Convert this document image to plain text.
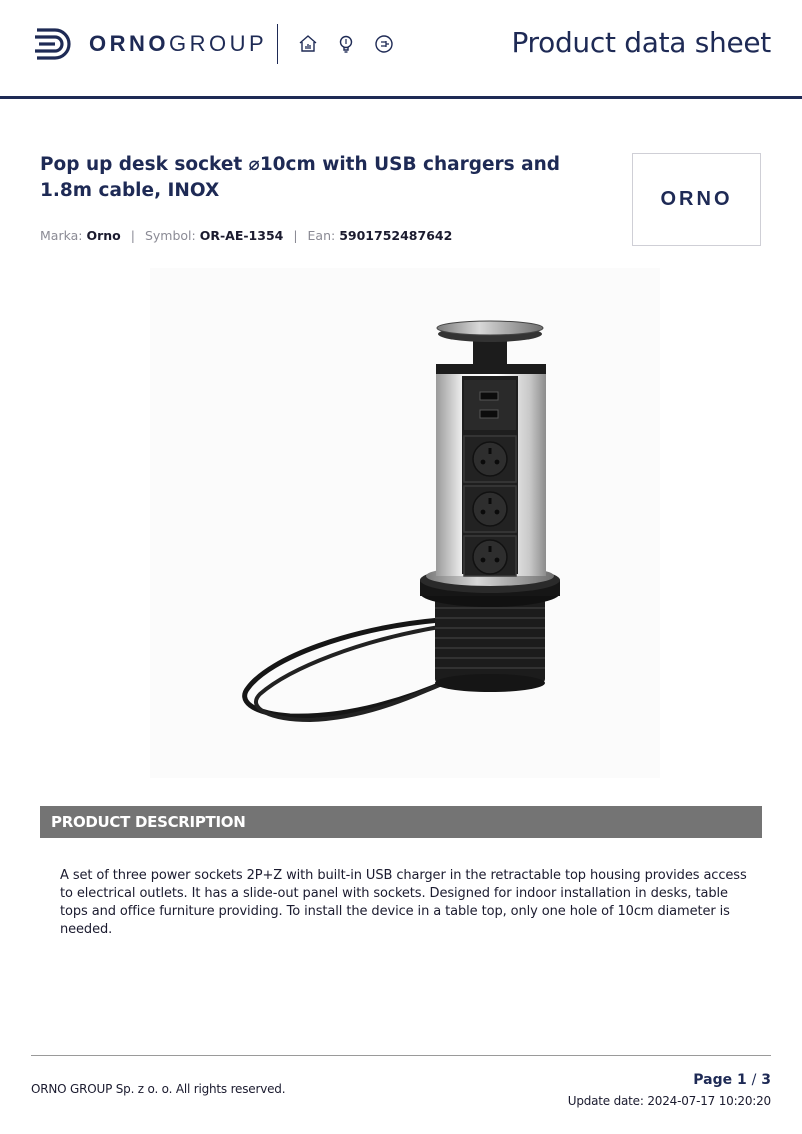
ORNOGROUP	Product data sheet
Pop up desk socket ⌀10cm with USB chargers and 1.8m cable, INOX
Marka: Orno | Symbol: OR-AE-1354 | Ean: 5901752487642
ORNO
PRODUCT DESCRIPTION

A set of three power sockets 2P+Z with built-in USB charger in the retractable top housing provides access to electrical outlets. It has a slide-out panel with sockets. Designed for indoor installation in desks, table tops and office furniture providing. To install the device in a table top, only one hole of 10cm diameter is needed.

ORNO GROUP Sp. z o. o. All rights reserved.
Page 1 / 3
Update date: 2024-07-17 10:20:20
